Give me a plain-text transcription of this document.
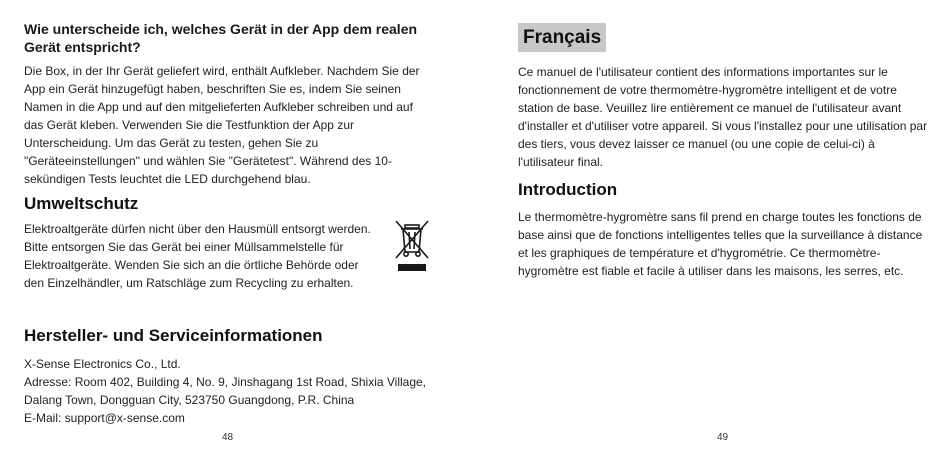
Wie unterscheide ich, welches Gerät in der App dem realen Gerät entspricht?

Die Box, in der Ihr Gerät geliefert wird, enthält Aufkleber. Nachdem Sie der App ein Gerät hinzugefügt haben, beschriften Sie es, indem Sie seinen Namen in die App und auf den mitgelieferten Aufkleber schreiben und auf das Gerät kleben. Verwenden Sie die Testfunktion der App zur Unterscheidung. Um das Gerät zu testen, gehen Sie zu "Geräteeinstellungen" und wählen Sie "Gerätetest". Während des 10-sekündigen Tests leuchtet die LED durchgehend blau.

Umweltschutz

Elektroaltgeräte dürfen nicht über den Hausmüll entsorgt werden. Bitte entsorgen Sie das Gerät bei einer Müllsammelstelle für Elektroaltgeräte. Wenden Sie sich an die örtliche Behörde oder den Einzelhändler, um Ratschläge zum Recycling zu erhalten.

Hersteller- und Serviceinformationen

X-Sense Electronics Co., Ltd.

Adresse: Room 402, Building 4, No. 9, Jinshagang 1st Road, Shixia Village, Dalang Town, Dongguan City, 523750 Guangdong, P.R. China

E-Mail: support@x-sense.com

48
Français

Ce manuel de l'utilisateur contient des informations importantes sur le fonctionnement de votre thermomètre-hygromètre intelligent et de votre station de base. Veuillez lire entièrement ce manuel de l'utilisateur avant d'installer et d'utiliser votre appareil. Si vous l'installez pour une utilisation par des tiers, vous devez laisser ce manuel (ou une copie de celui-ci) à l'utilisateur final.

Introduction

Le thermomètre-hygromètre sans fil prend en charge toutes les fonctions de base ainsi que de fonctions intelligentes telles que la surveillance à distance et les graphiques de température et d'hygrométrie. Ce thermomètre-hygromètre est fiable et facile à utiliser dans les maisons, les serres, etc.

49
